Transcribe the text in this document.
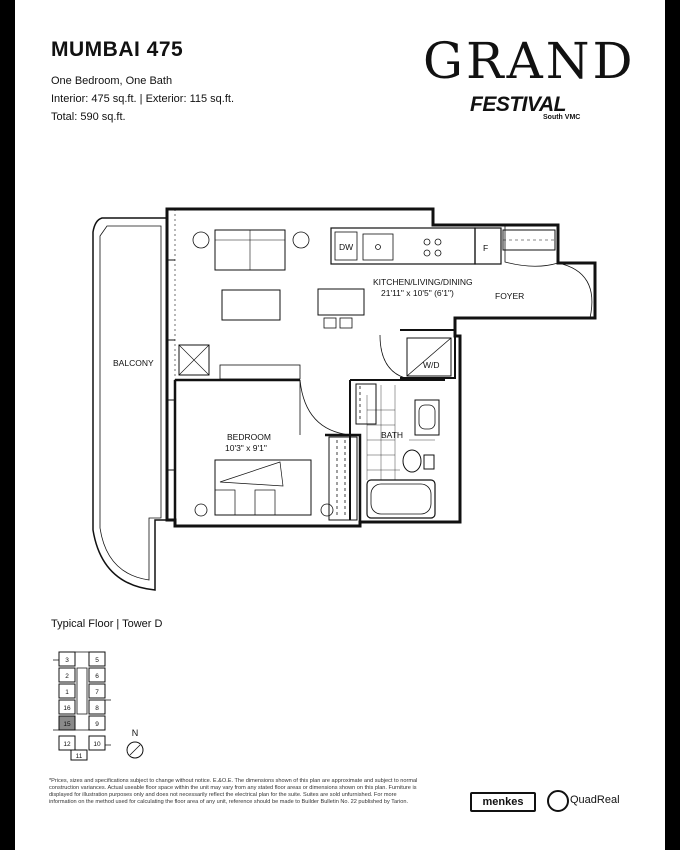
MUMBAI 475
One Bedroom, One Bath
Interior: 475 sq.ft. | Exterior: 115 sq.ft.
Total: 590 sq.ft.
GRAND
FESTIVAL
South VMC
BALCONY
KITCHEN/LIVING/DINING
21'11" x 10'5" (6'1")	FOYER
BEDROOM
10'3" x 9'1"
BATH
W/D
DW	F
Typical Floor | Tower D
3	5
2	6
1	7
16	8
15	9
12	10
11
N
*Prices, sizes and specifications subject to change without notice. E.&O.E. The dimensions shown of this plan are approximate and subject to normal construction variances. Actual useable floor space within the unit may vary from any stated floor areas or dimensions shown on this plan. Furniture is displayed for illustration purposes only and does not necessarily reflect the electrical plan for the suite. Suites are sold unfurnished. For more information on the method used for calculating the floor area of any unit, reference should be made to Builder Bulletin No. 22 published by Tarion.	menkes	QuadReal
